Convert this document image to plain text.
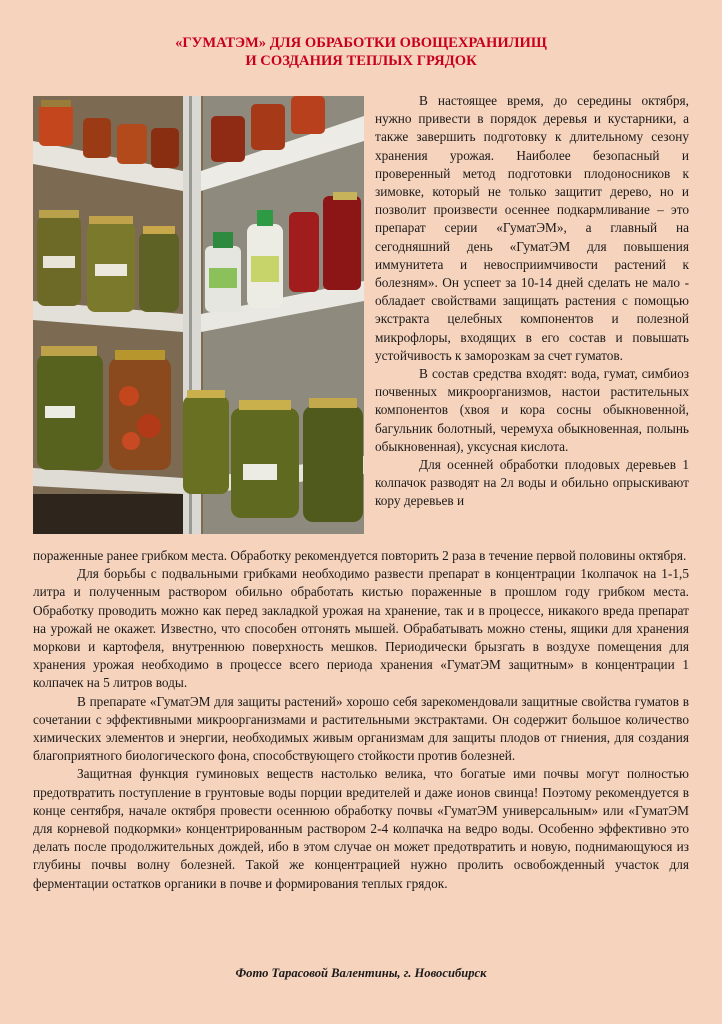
«ГУМАТЭМ» ДЛЯ ОБРАБОТКИ ОВОЩЕХРАНИЛИЩ
И СОЗДАНИЯ ТЕПЛЫХ ГРЯДОК

В настоящее время, до середины октября, нужно привести в порядок деревья и кустарники, а также завершить подготовку к длительному сезону хранения урожая. Наиболее безопасный и проверенный метод подготовки плодоносников к зимовке, который не только защитит дерево, но и позволит произвести осеннее подкармливание – это препарат серии «ГуматЭМ», а главный на сегодняшний день «ГуматЭМ для повышения иммунитета и невосприимчивости растений к болезням». Он успеет за 10-14 дней сделать не мало - обладает свойствами защищать растения с помощью экстракта целебных компонентов и полезной микрофлоры, входящих в его состав и повышать устойчивость к заморозкам за счет гуматов.

В состав средства входят: вода, гумат, симбиоз почвенных микроорганизмов, настои растительных компонентов (хвоя и кора сосны обыкновенной, багульник болотный, черемуха обыкновенная, полынь обыкновенная), уксусная кислота.

Для осенней обработки плодовых деревьев 1 колпачок разводят на 2л воды и обильно опрыскивают кору деревьев и

пораженные ранее грибком места. Обработку рекомендуется повторить 2 раза в течение первой половины октября.

Для борьбы с подвальными грибками необходимо развести препарат в концентрации 1колпачок на 1-1,5 литра и полученным раствором обильно обработать кистью пораженные в прошлом году грибком места. Обработку проводить можно как перед закладкой урожая на хранение, так и в процессе, никакого вреда препарат на урожай не окажет. Известно, что способен отгонять мышей. Обрабатывать можно стены, ящики для хранения моркови и картофеля, внутреннюю поверхность мешков. Периодически брызгать в воздухе помещения для хранения урожая необходимо в процессе всего периода хранения «ГуматЭМ защитным» в концентрации 1 колпачек на 5 литров воды.

В препарате «ГуматЭМ для защиты растений» хорошо себя зарекомендовали защитные свойства гуматов в сочетании с эффективными микроорганизмами и растительными экстрактами. Он содержит большое количество химических элементов и энергии, необходимых живым организмам для защиты плодов от гниения, для создания благоприятного биологического фона, способствующего стойкости против болезней.

Защитная функция гуминовых веществ настолько велика, что богатые ими почвы могут полностью предотвратить поступление в грунтовые воды порции вредителей и даже ионов свинца! Поэтому рекомендуется в конце сентября, начале октября провести осеннюю обработку почвы «ГуматЭМ универсальным» или «ГуматЭМ для корневой подкормки» концентрированным раствором 2-4 колпачка на ведро воды. Особенно эффективно это делать после продолжительных дождей, ибо в этом случае он может предотвратить и новую, поднимающуюся из глубины почвы волну болезней. Такой же концентрацией нужно пролить освобожденный участок для ферментации остатков органики в почве и формирования теплых грядок.

Фото Тарасовой Валентины, г. Новосибирск
